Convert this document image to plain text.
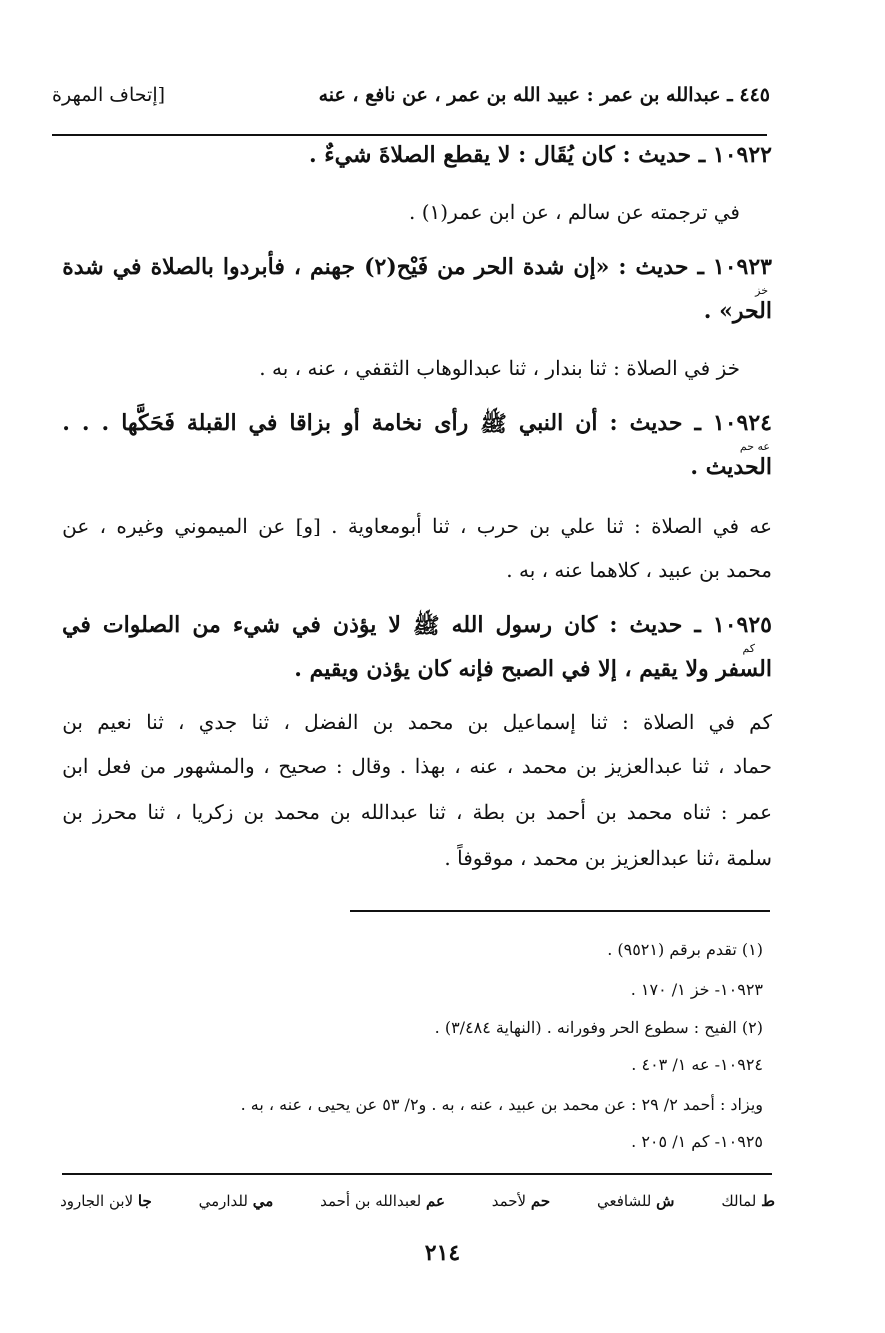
٤٤٥ ـ عبدالله بن عمر : عبيد الله بن عمر ، عن نافع ، عنه
[إتحاف المهرة
١٠٩٢٢ ـ حديث : كان يُقَال : لا يقطع الصلاةَ شيءٌ .
في ترجمته عن سالم ، عن ابن عمر(١) .
١٠٩٢٣
ـ
حديث
:
«إن
شدة
الحر
من
فَيْح(٢)
جهنم
،
فأبردوا
بالصلاة
في
شدة
خز
الحر» .
خز في الصلاة : ثنا بندار ، ثنا عبدالوهاب الثقفي ، عنه ، به .
١٠٩٢٤
ـ
حديث
:
أن
النبي
ﷺ
رأى
نخامة
أو
بزاقا
في
القبلة
فَحَكَّها
.
.
.
عه حم
الحديث .
عه
في
الصلاة
:
ثنا
علي
بن
حرب
،
ثنا
أبومعاوية
.
[و]
عن
الميموني
وغيره
،
عن
محمد بن عبيد ، كلاهما عنه ، به .
١٠٩٢٥
ـ
حديث
:
كان
رسول
الله
ﷺ
لا
يؤذن
في
شيء
من
الصلوات
في
كم
السفر ولا يقيم ، إلا في الصبح فإنه كان يؤذن ويقيم .
كم
في
الصلاة
:
ثنا
إسماعيل
بن
محمد
بن
الفضل
،
ثنا
جدي
،
ثنا
نعيم
بن
حماد
،
ثنا
عبدالعزيز
بن
محمد
،
عنه
،
بهذا
.
وقال
:
صحيح
،
والمشهور
من
فعل
ابن
عمر
:
ثناه
محمد
بن
أحمد
بن
بطة
،
ثنا
عبدالله
بن
محمد
بن
زكريا
،
ثنا
محرز
بن
سلمة ،ثنا عبدالعزيز بن محمد ، موقوفاً .
(١) تقدم برقم (٩٥٢١) .
١٠٩٢٣- خز ١/ ١٧٠ .
(٢) الفيح : سطوع الحر وفورانه . (النهاية ٣/٤٨٤) .
١٠٩٢٤- عه ١/ ٤٠٣ .
ويزاد : أحمد ٢/ ٢٩ : عن محمد بن عبيد ، عنه ، به . و٢/ ٥٣ عن يحيى ، عنه ، به .
١٠٩٢٥- كم ١/ ٢٠٥ .
ط لمالك
ش للشافعي
حم لأحمد
عم لعبدالله بن أحمد
مي للدارمي
جا لابن الجارود
٢١٤
